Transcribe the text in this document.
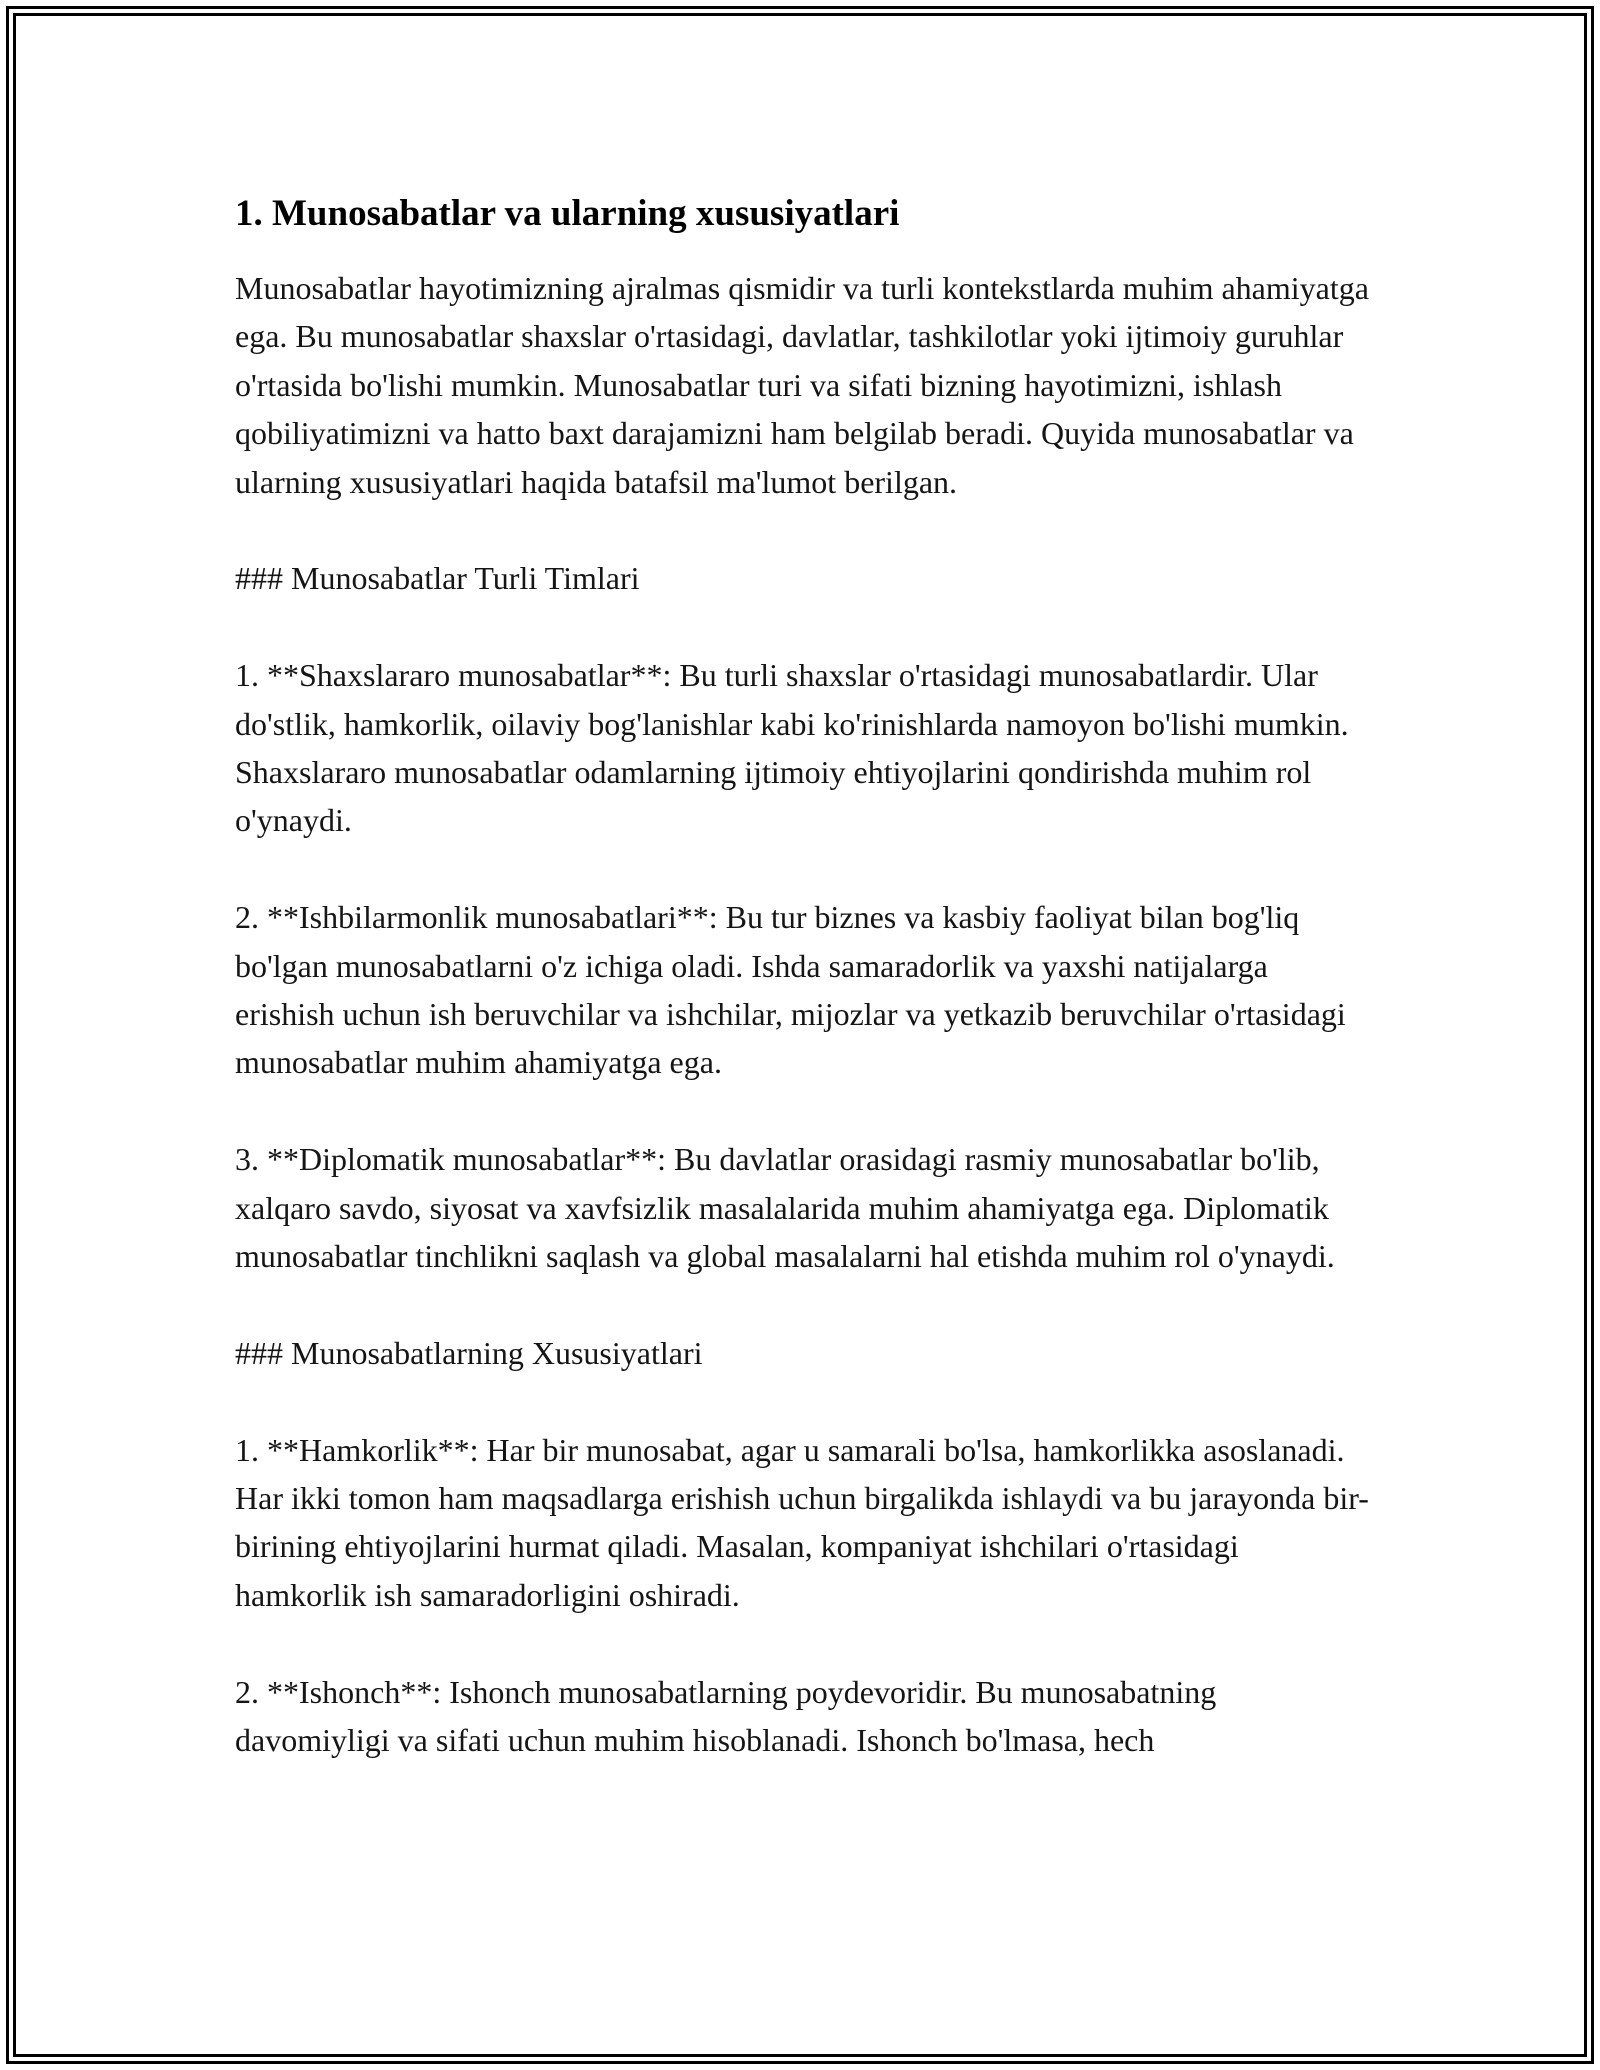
1. Munosabatlar va ularning xususiyatlari

Munosabatlar hayotimizning ajralmas qismidir va turli kontekstlarda muhim ahamiyatga ega. Bu munosabatlar shaxslar o'rtasidagi, davlatlar, tashkilotlar yoki ijtimoiy guruhlar o'rtasida bo'lishi mumkin. Munosabatlar turi va sifati bizning hayotimizni, ishlash qobiliyatimizni va hatto baxt darajamizni ham belgilab beradi. Quyida munosabatlar va ularning xususiyatlari haqida batafsil ma'lumot berilgan.

### Munosabatlar Turli Timlari

1. **Shaxslararo munosabatlar**: Bu turli shaxslar o'rtasidagi munosabatlardir. Ular do'stlik, hamkorlik, oilaviy bog'lanishlar kabi ko'rinishlarda namoyon bo'lishi mumkin. Shaxslararo munosabatlar odamlarning ijtimoiy ehtiyojlarini qondirishda muhim rol o'ynaydi.

2. **Ishbilarmonlik munosabatlari**: Bu tur biznes va kasbiy faoliyat bilan bog'liq bo'lgan munosabatlarni o'z ichiga oladi. Ishda samaradorlik va yaxshi natijalarga erishish uchun ish beruvchilar va ishchilar, mijozlar va yetkazib beruvchilar o'rtasidagi munosabatlar muhim ahamiyatga ega.

3. **Diplomatik munosabatlar**: Bu davlatlar orasidagi rasmiy munosabatlar bo'lib, xalqaro savdo, siyosat va xavfsizlik masalalarida muhim ahamiyatga ega. Diplomatik munosabatlar tinchlikni saqlash va global masalalarni hal etishda muhim rol o'ynaydi.

### Munosabatlarning Xususiyatlari

1. **Hamkorlik**: Har bir munosabat, agar u samarali bo'lsa, hamkorlikka asoslanadi. Har ikki tomon ham maqsadlarga erishish uchun birgalikda ishlaydi va bu jarayonda bir-birining ehtiyojlarini hurmat qiladi. Masalan, kompaniyat ishchilari o'rtasidagi hamkorlik ish samaradorligini oshiradi.

2. **Ishonch**: Ishonch munosabatlarning poydevoridir. Bu munosabatning davomiyligi va sifati uchun muhim hisoblanadi. Ishonch bo'lmasa, hech
